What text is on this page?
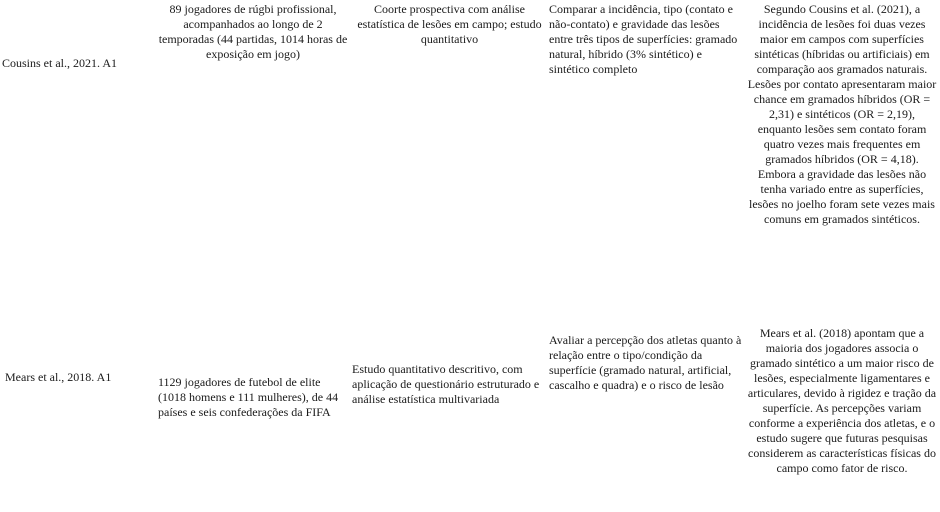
Cousins et al., 2021. A1
89 jogadores de rúgbi profissional, acompanhados ao longo de 2 temporadas (44 partidas, 1014 horas de exposição em jogo)
Coorte prospectiva com análise estatística de lesões em campo; estudo quantitativo
Comparar a incidência, tipo (contato e não-contato) e gravidade das lesões entre três tipos de superfícies: gramado natural, híbrido (3% sintético) e sintético completo
Segundo Cousins et al. (2021), a incidência de lesões foi duas vezes maior em campos com superfícies sintéticas (híbridas ou artificiais) em comparação aos gramados naturais. Lesões por contato apresentaram maior chance em gramados híbridos (OR = 2,31) e sintéticos (OR = 2,19), enquanto lesões sem contato foram quatro vezes mais frequentes em gramados híbridos (OR = 4,18). Embora a gravidade das lesões não tenha variado entre as superfícies, lesões no joelho foram sete vezes mais comuns em gramados sintéticos.
Mears et al., 2018. A1	1129 jogadores de futebol de elite (1018 homens e 111 mulheres), de 44 países e seis confederações da FIFA
Estudo quantitativo descritivo, com aplicação de questionário estruturado e análise estatística multivariada
Avaliar a percepção dos atletas quanto à relação entre o tipo/condição da superfície (gramado natural, artificial, cascalho e quadra) e o risco de lesão
Mears et al. (2018) apontam que a maioria dos jogadores associa o gramado sintético a um maior risco de lesões, especialmente ligamentares e articulares, devido à rigidez e tração da superfície. As percepções variam conforme a experiência dos atletas, e o estudo sugere que futuras pesquisas considerem as características físicas do campo como fator de risco.
